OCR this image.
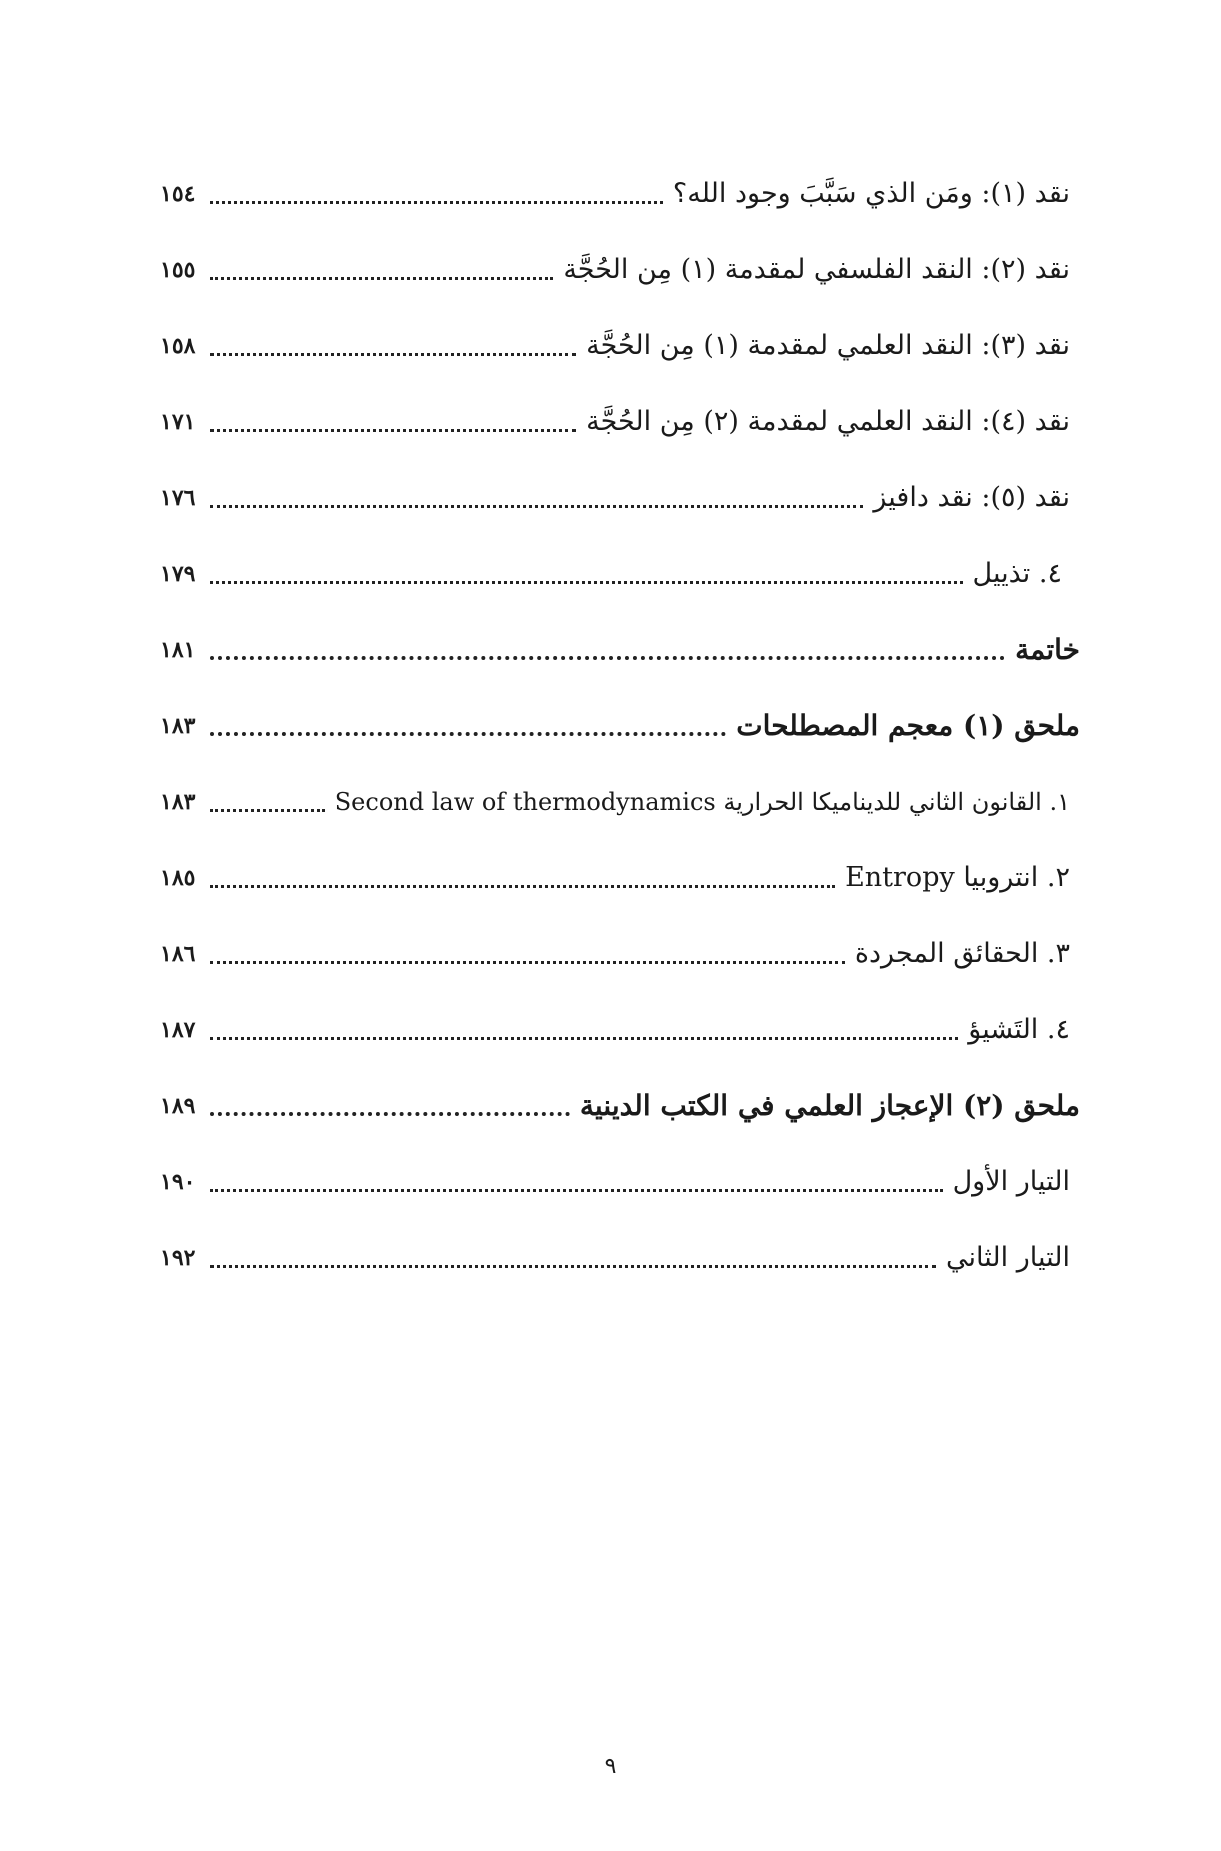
نقد (١): ومَن الذي سَبَّبَ وجود الله؟
١٥٤
نقد (٢): النقد الفلسفي لمقدمة (١) مِن الحُجَّة
١٥٥
نقد (٣): النقد العلمي لمقدمة (١) مِن الحُجَّة
١٥٨
نقد (٤): النقد العلمي لمقدمة (٢) مِن الحُجَّة
١٧١
نقد (٥): نقد دافيز
١٧٦
٤. تذييل
١٧٩
خاتمة
١٨١
ملحق (١) معجم المصطلحات
١٨٣
١. القانون الثاني للديناميكا الحرارية Second law of thermodynamics
١٨٣
٢. انتروبيا Entropy
١٨٥
٣. الحقائق المجردة
١٨٦
٤. التَشيؤ
١٨٧
ملحق (٢) الإعجاز العلمي في الكتب الدينية
١٨٩
التيار الأول
١٩٠
التيار الثاني
١٩٢
٩
